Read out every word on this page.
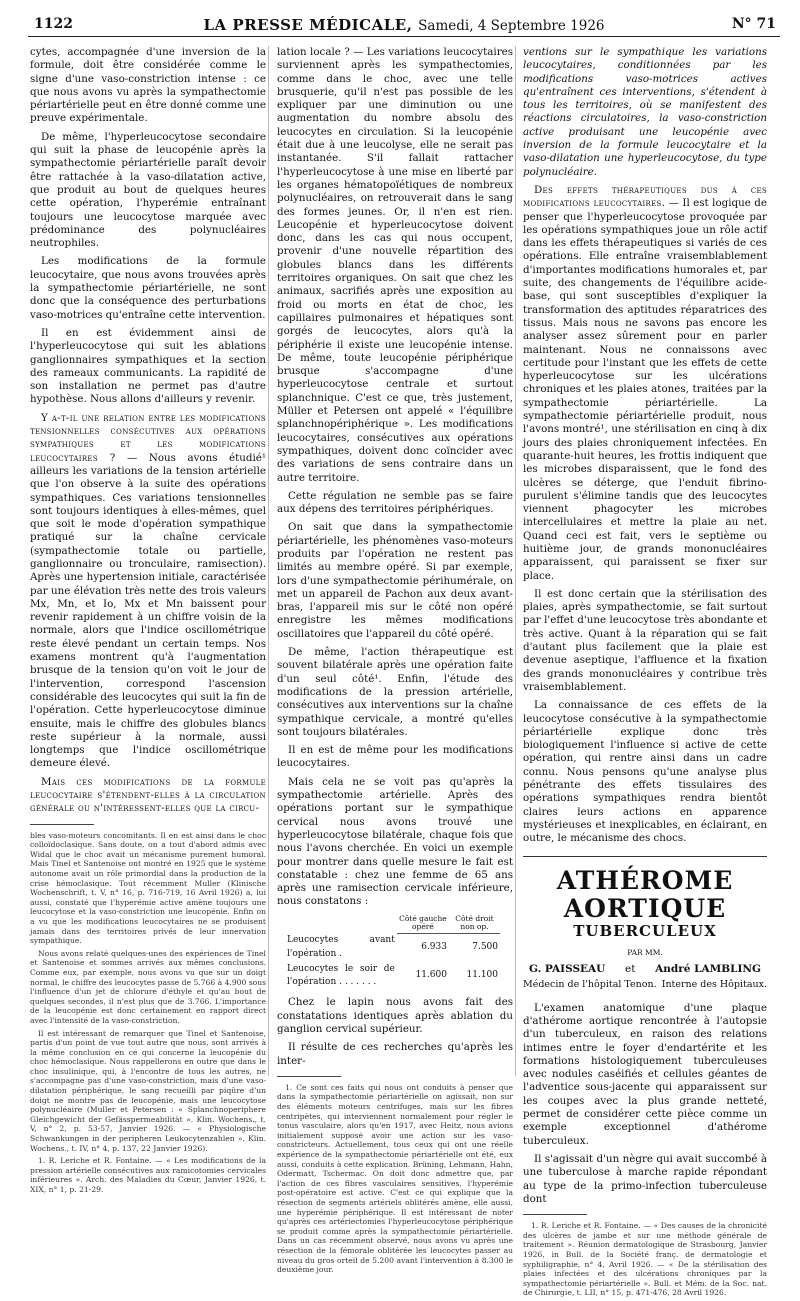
1122	LA PRESSE MÉDICALE, Samedi, 4 Septembre 1926	N° 71

cytes, accompagnée d'une inversion de la formule, doit être considérée comme le signe d'une vaso-constriction intense : ce que nous avons vu après la sympathectomie périartérielle peut en être donné comme une preuve expérimentale.

De même, l'hyperleucocytose secondaire qui suit la phase de leucopénie après la sympathectomie périartérielle paraît devoir être rattachée à la vaso-dilatation active, que produit au bout de quelques heures cette opération, l'hyperémie entraînant toujours une leucocytose marquée avec prédominance des polynucléaires neutrophiles.

Les modifications de la formule leucocytaire, que nous avons trouvées après la sympathectomie périartérielle, ne sont donc que la conséquence des perturbations vaso-motrices qu'entraîne cette intervention.

Il en est évidemment ainsi de l'hyperleucocytose qui suit les ablations ganglionnaires sympathiques et la section des rameaux communicants. La rapidité de son installation ne permet pas d'autre hypothèse. Nous allons d'ailleurs y revenir.

Y a-t-il une relation entre les modifications tensionnelles consécutives aux opérations sympathiques et les modifications leucocytaires ? — Nous avons étudié¹ ailleurs les variations de la tension artérielle que l'on observe à la suite des opérations sympathiques. Ces variations tensionnelles sont toujours identiques à elles-mêmes, quel que soit le mode d'opération sympathique pratiqué sur la chaîne cervicale (sympathectomie totale ou partielle, ganglionnaire ou tronculaire, ramisection). Après une hypertension initiale, caractérisée par une élévation très nette des trois valeurs Mx, Mn, et Io, Mx et Mn baissent pour revenir rapidement à un chiffre voisin de la normale, alors que l'indice oscillométrique reste élevé pendant un certain temps. Nos examens montrent qu'à l'augmentation brusque de la tension qu'on voit le jour de l'intervention, correspond l'ascension considérable des leucocytes qui suit la fin de l'opération. Cette hyperleucocytose diminue ensuite, mais le chiffre des globules blancs reste supérieur à la normale, aussi longtemps que l'indice oscillométrique demeure élevé.

Mais ces modifications de la formule leucocytaire s'étendent-elles à la circulation générale ou n'intéressent-elles que la circu-

bles vaso-moteurs concomitants. Il en est ainsi dans le choc colloïdoclasique. Sans doute, on a tout d'abord admis avec Widal que le choc avait un mécanisme purement humoral. Mais Tinel et Santenoise ont montré en 1925 que le système autonome avait un rôle primordial dans la production de la crise hémoclasique. Tout récemment Muller (Klinische Wochenschrift, t. V, n° 16, p. 716-719, 16 Avril 1926) a, lui aussi, constaté que l'hyperémie active amène toujours une leucocytose et la vaso-constriction une leucopénie. Enfin on a vu que les modifications leucocytaires ne se produisent jamais dans des territoires privés de leur innervation sympathique.

Nous avons relaté quelques-unes des expériences de Tinel et Santenoise et sommes arrivés aux mêmes conclusions. Comme eux, par exemple, nous avons vu que sur un doigt normal, le chiffre des leucocytes passe de 5.766 à 4.900 sous l'influence d'un jet de chlorure d'éthyle et qu'au bout de quelques secondes, il n'est plus que de 3.766. L'importance de la leucopénie est donc certainement en rapport direct avec l'intensité de la vaso-constriction.

Il est intéressant de remarquer que Tinel et Santenoise, partis d'un point de vue tout autre que nous, sont arrivés à la même conclusion en ce qui concerne la leucopénie du choc hémoclasique. Nous rappellerons en outre que dans le choc insulinique, qui, à l'encontre de tous les autres, ne s'accompagne pas d'une vaso-constriction, mais d'une vaso-dilatation périphérique, le sang recueilli par piqûre d'un doigt ne montre pas de leucopénie, mais une leucocytose polynucléaire (Muller et Petersen : « Splanchnoperiphere Gleichgewicht der Gefässpermeabilität ». Klin. Wochens., t. V, n° 2, p. 53-57, Janvier 1926. — « Physiologische Schwankungen in der peripheren Leukocytenzahlen ». Klin. Wochens., t. IV, n° 4, p. 137, 22 Janvier 1926).

1. R. Leriche et R. Fontaine. — « Les modifications de la pression artérielle consécutives aux ramicotomies cervicales inférieures ». Arch. des Maladies du Cœur, Janvier 1926, t. XIX, n° 1, p. 21-29.

lation locale ? — Les variations leucocytaires surviennent après les sympathectomies, comme dans le choc, avec une telle brusquerie, qu'il n'est pas possible de les expliquer par une diminution ou une augmentation du nombre absolu des leucocytes en circulation. Si la leucopénie était due à une leucolyse, elle ne serait pas instantanée. S'il fallait rattacher l'hyperleucocytose à une mise en liberté par les organes hématopoïétiques de nombreux polynucléaires, on retrouverait dans le sang des formes jeunes. Or, il n'en est rien. Leucopénie et hyperleucocytose doivent donc, dans les cas qui nous occupent, provenir d'une nouvelle répartition des globules blancs dans les différents territoires organiques. On sait que chez les animaux, sacrifiés après une exposition au froid ou morts en état de choc, les capillaires pulmonaires et hépatiques sont gorgés de leucocytes, alors qu'à la périphérie il existe une leucopénie intense. De même, toute leucopénie périphérique brusque s'accompagne d'une hyperleucocytose centrale et surtout splanchnique. C'est ce que, très justement, Müller et Petersen ont appelé « l'équilibre splanchnopériphérique ». Les modifications leucocytaires, consécutives aux opérations sympathiques, doivent donc coïncider avec des variations de sens contraire dans un autre territoire.

Cette régulation ne semble pas se faire aux dépens des territoires périphériques.

On sait que dans la sympathectomie périartérielle, les phénomènes vaso-moteurs produits par l'opération ne restent pas limités au membre opéré. Si par exemple, lors d'une sympathectomie périhumérale, on met un appareil de Pachon aux deux avant-bras, l'appareil mis sur le côté non opéré enregistre les mêmes modifications oscillatoires que l'appareil du côté opéré.

De même, l'action thérapeutique est souvent bilatérale après une opération faite d'un seul côté¹. Enfin, l'étude des modifications de la pression artérielle, consécutives aux interventions sur la chaîne sympathique cervicale, a montré qu'elles sont toujours bilatérales.

Il en est de même pour les modifications leucocytaires.

Mais cela ne se voit pas qu'après la sympathectomie artérielle. Après des opérations portant sur le sympathique cervical nous avons trouvé une hyperleucocytose bilatérale, chaque fois que nous l'avons cherchée. En voici un exemple pour montrer dans quelle mesure le fait est constatable : chez une femme de 65 ans après une ramisection cervicale inférieure, nous constatons :

	Côté gauche opéré	Côté droit non op.
Leucocytes avant l'opération .	6.933	7.500
Leucocytes le soir de l'opération . . . . . . .	11.600	11.100

Chez le lapin nous avons fait des constatations identiques après ablation du ganglion cervical supérieur.

Il résulte de ces recherches qu'après les inter-

1. Ce sont ces faits qui nous ont conduits à penser que dans la sympathectomie périartérielle on agissait, non sur des éléments moteurs centrifuges, mais sur les fibres centripètes, qui interviennent normalement pour régler le tonus vasculaire, alors qu'en 1917, avec Heitz, nous avions initialement supposé avoir une action sur les vaso-constricteurs. Actuellement, tous ceux qui ont une réelle expérience de la sympathectomie périartérielle ont été, eux aussi, conduits à cette explication. Brüning, Lehmann, Hahn, Odermatt, Tschermac. On doit donc admettre que, par l'action de ces fibres vasculaires sensitives, l'hyperémie post-opératoire est active. C'est ce qui explique que la résection de segments artériels oblitérés amène, elle aussi, une hyperémie périphérique. Il est intéressant de noter qu'après ces artériectomies l'hyperleucocytose périphérique se produit comme après la sympathectomie périartérielle. Dans un cas récemment observé, nous avons vu après une résection de la fémorale oblitérée les leucocytes passer au niveau du gros orteil de 5.200 avant l'intervention à 8.300 le deuxième jour.

ventions sur le sympathique les variations leucocytaires, conditionnées par les modifications vaso-motrices actives qu'entraînent ces interventions, s'étendent à tous les territoires, où se manifestent des réactions circulatoires, la vaso-constriction active produisant une leucopénie avec inversion de la formule leucocytaire et la vaso-dilatation une hyperleucocytose, du type polynucléaire.

Des effets thérapeutiques dus à ces modifications leucocytaires. — Il est logique de penser que l'hyperleucocytose provoquée par les opérations sympathiques joue un rôle actif dans les effets thérapeutiques si variés de ces opérations. Elle entraîne vraisemblablement d'importantes modifications humorales et, par suite, des changements de l'équilibre acide-base, qui sont susceptibles d'expliquer la transformation des aptitudes réparatrices des tissus. Mais nous ne savons pas encore les analyser assez sûrement pour en parler maintenant. Nous ne connaissons avec certitude pour l'instant que les effets de cette hyperleucocytose sur les ulcérations chroniques et les plaies atones, traitées par la sympathectomie périartérielle. La sympathectomie périartérielle produit, nous l'avons montré¹, une stérilisation en cinq à dix jours des plaies chroniquement infectées. En quarante-huit heures, les frottis indiquent que les microbes disparaissent, que le fond des ulcères se déterge, que l'enduit fibrino-purulent s'élimine tandis que des leucocytes viennent phagocyter les microbes intercellulaires et mettre la plaie au net. Quand ceci est fait, vers le septième ou huitième jour, de grands mononucléaires apparaissent, qui paraissent se fixer sur place.

Il est donc certain que la stérilisation des plaies, après sympathectomie, se fait surtout par l'effet d'une leucocytose très abondante et très active. Quant à la réparation qui se fait d'autant plus facilement que la plaie est devenue aseptique, l'affluence et la fixation des grands mononucléaires y contribue très vraisemblablement.

La connaissance de ces effets de la leucocytose consécutive à la sympathectomie périartérielle explique donc très biologiquement l'influence si active de cette opération, qui rentre ainsi dans un cadre connu. Nous pensons qu'une analyse plus pénétrante des effets tissulaires des opérations sympathiques rendra bientôt claires leurs actions en apparence mystérieuses et inexplicables, en éclairant, en outre, le mécanisme des chocs.

ATHÉROME AORTIQUE
TUBERCULEUX
PAR MM.
G. PAISSEAU et André LAMBLING
Médecin de l'hôpital Tenon. Interne des Hôpitaux.

L'examen anatomique d'une plaque d'athérome aortique rencontrée à l'autopsie d'un tuberculeux, en raison des relations intimes entre le foyer d'endartérite et les formations histologiquement tuberculeuses avec nodules caséifiés et cellules géantes de l'adventice sous-jacente qui apparaissent sur les coupes avec la plus grande netteté, permet de considérer cette pièce comme un exemple exceptionnel d'athérome tuberculeux.

Il s'agissait d'un nègre qui avait succombé à une tuberculose à marche rapide répondant au type de la primo-infection tuberculeuse dont

1. R. Leriche et R. Fontaine. — « Des causes de la chronicité des ulcères de jambe et sur une méthode générale de traitement ». Réunion dermatologique de Strasbourg, Janvier 1926, in Bull. de la Société franç. de dermatologie et syphiligraphie, n° 4, Avril 1926. — « De la stérilisation des plaies infectées et des ulcérations chroniques par la sympathectomie périartérielle ». Bull. et Mém. de la Soc. nat. de Chirurgie, t. LII, n° 15, p. 471-476, 28 Avril 1926.
